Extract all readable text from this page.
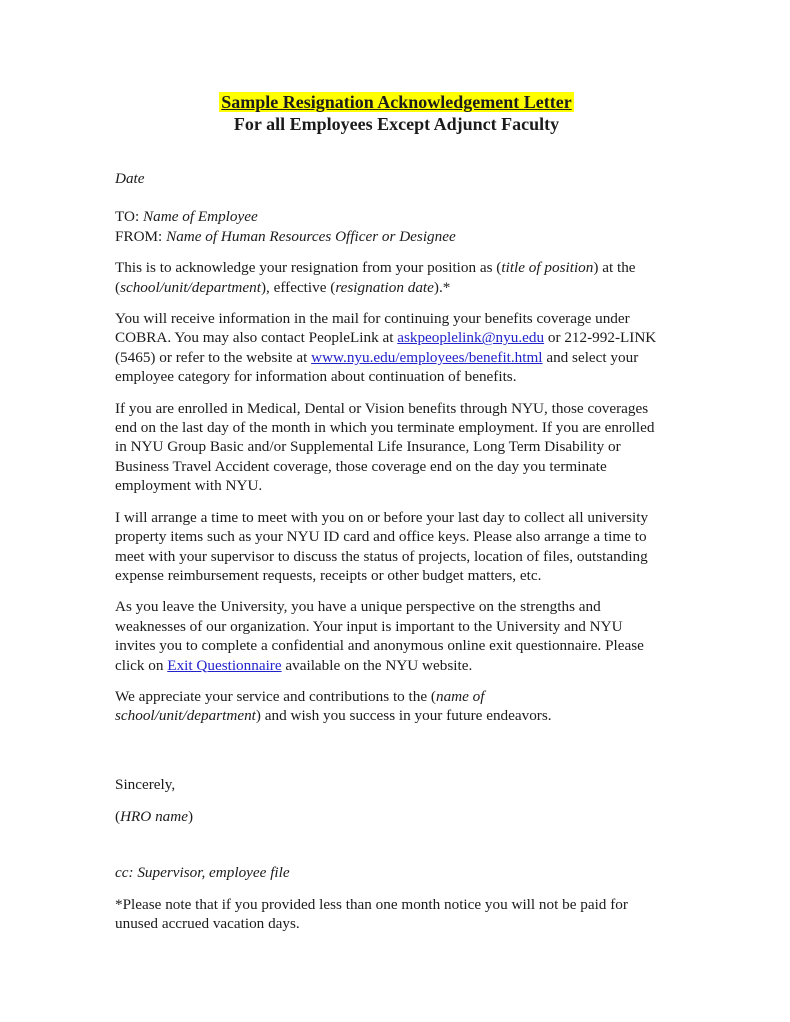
Sample Resignation Acknowledgement Letter
For all Employees Except Adjunct Faculty

Date

TO: Name of Employee
FROM: Name of Human Resources Officer or Designee

This is to acknowledge your resignation from your position as (title of position) at the
(school/unit/department), effective (resignation date).*

You will receive information in the mail for continuing your benefits coverage under
COBRA. You may also contact PeopleLink at askpeoplelink@nyu.edu or 212-992-LINK
(5465) or refer to the website at www.nyu.edu/employees/benefit.html and select your
employee category for information about continuation of benefits.

If you are enrolled in Medical, Dental or Vision benefits through NYU, those coverages
end on the last day of the month in which you terminate employment. If you are enrolled
in NYU Group Basic and/or Supplemental Life Insurance, Long Term Disability or
Business Travel Accident coverage, those coverage end on the day you terminate
employment with NYU.

I will arrange a time to meet with you on or before your last day to collect all university
property items such as your NYU ID card and office keys. Please also arrange a time to
meet with your supervisor to discuss the status of projects, location of files, outstanding
expense reimbursement requests, receipts or other budget matters, etc.

As you leave the University, you have a unique perspective on the strengths and
weaknesses of our organization. Your input is important to the University and NYU
invites you to complete a confidential and anonymous online exit questionnaire. Please
click on Exit Questionnaire available on the NYU website.

We appreciate your service and contributions to the (name of
school/unit/department) and wish you success in your future endeavors.

Sincerely,

(HRO name)

cc: Supervisor, employee file

*Please note that if you provided less than one month notice you will not be paid for
unused accrued vacation days.
